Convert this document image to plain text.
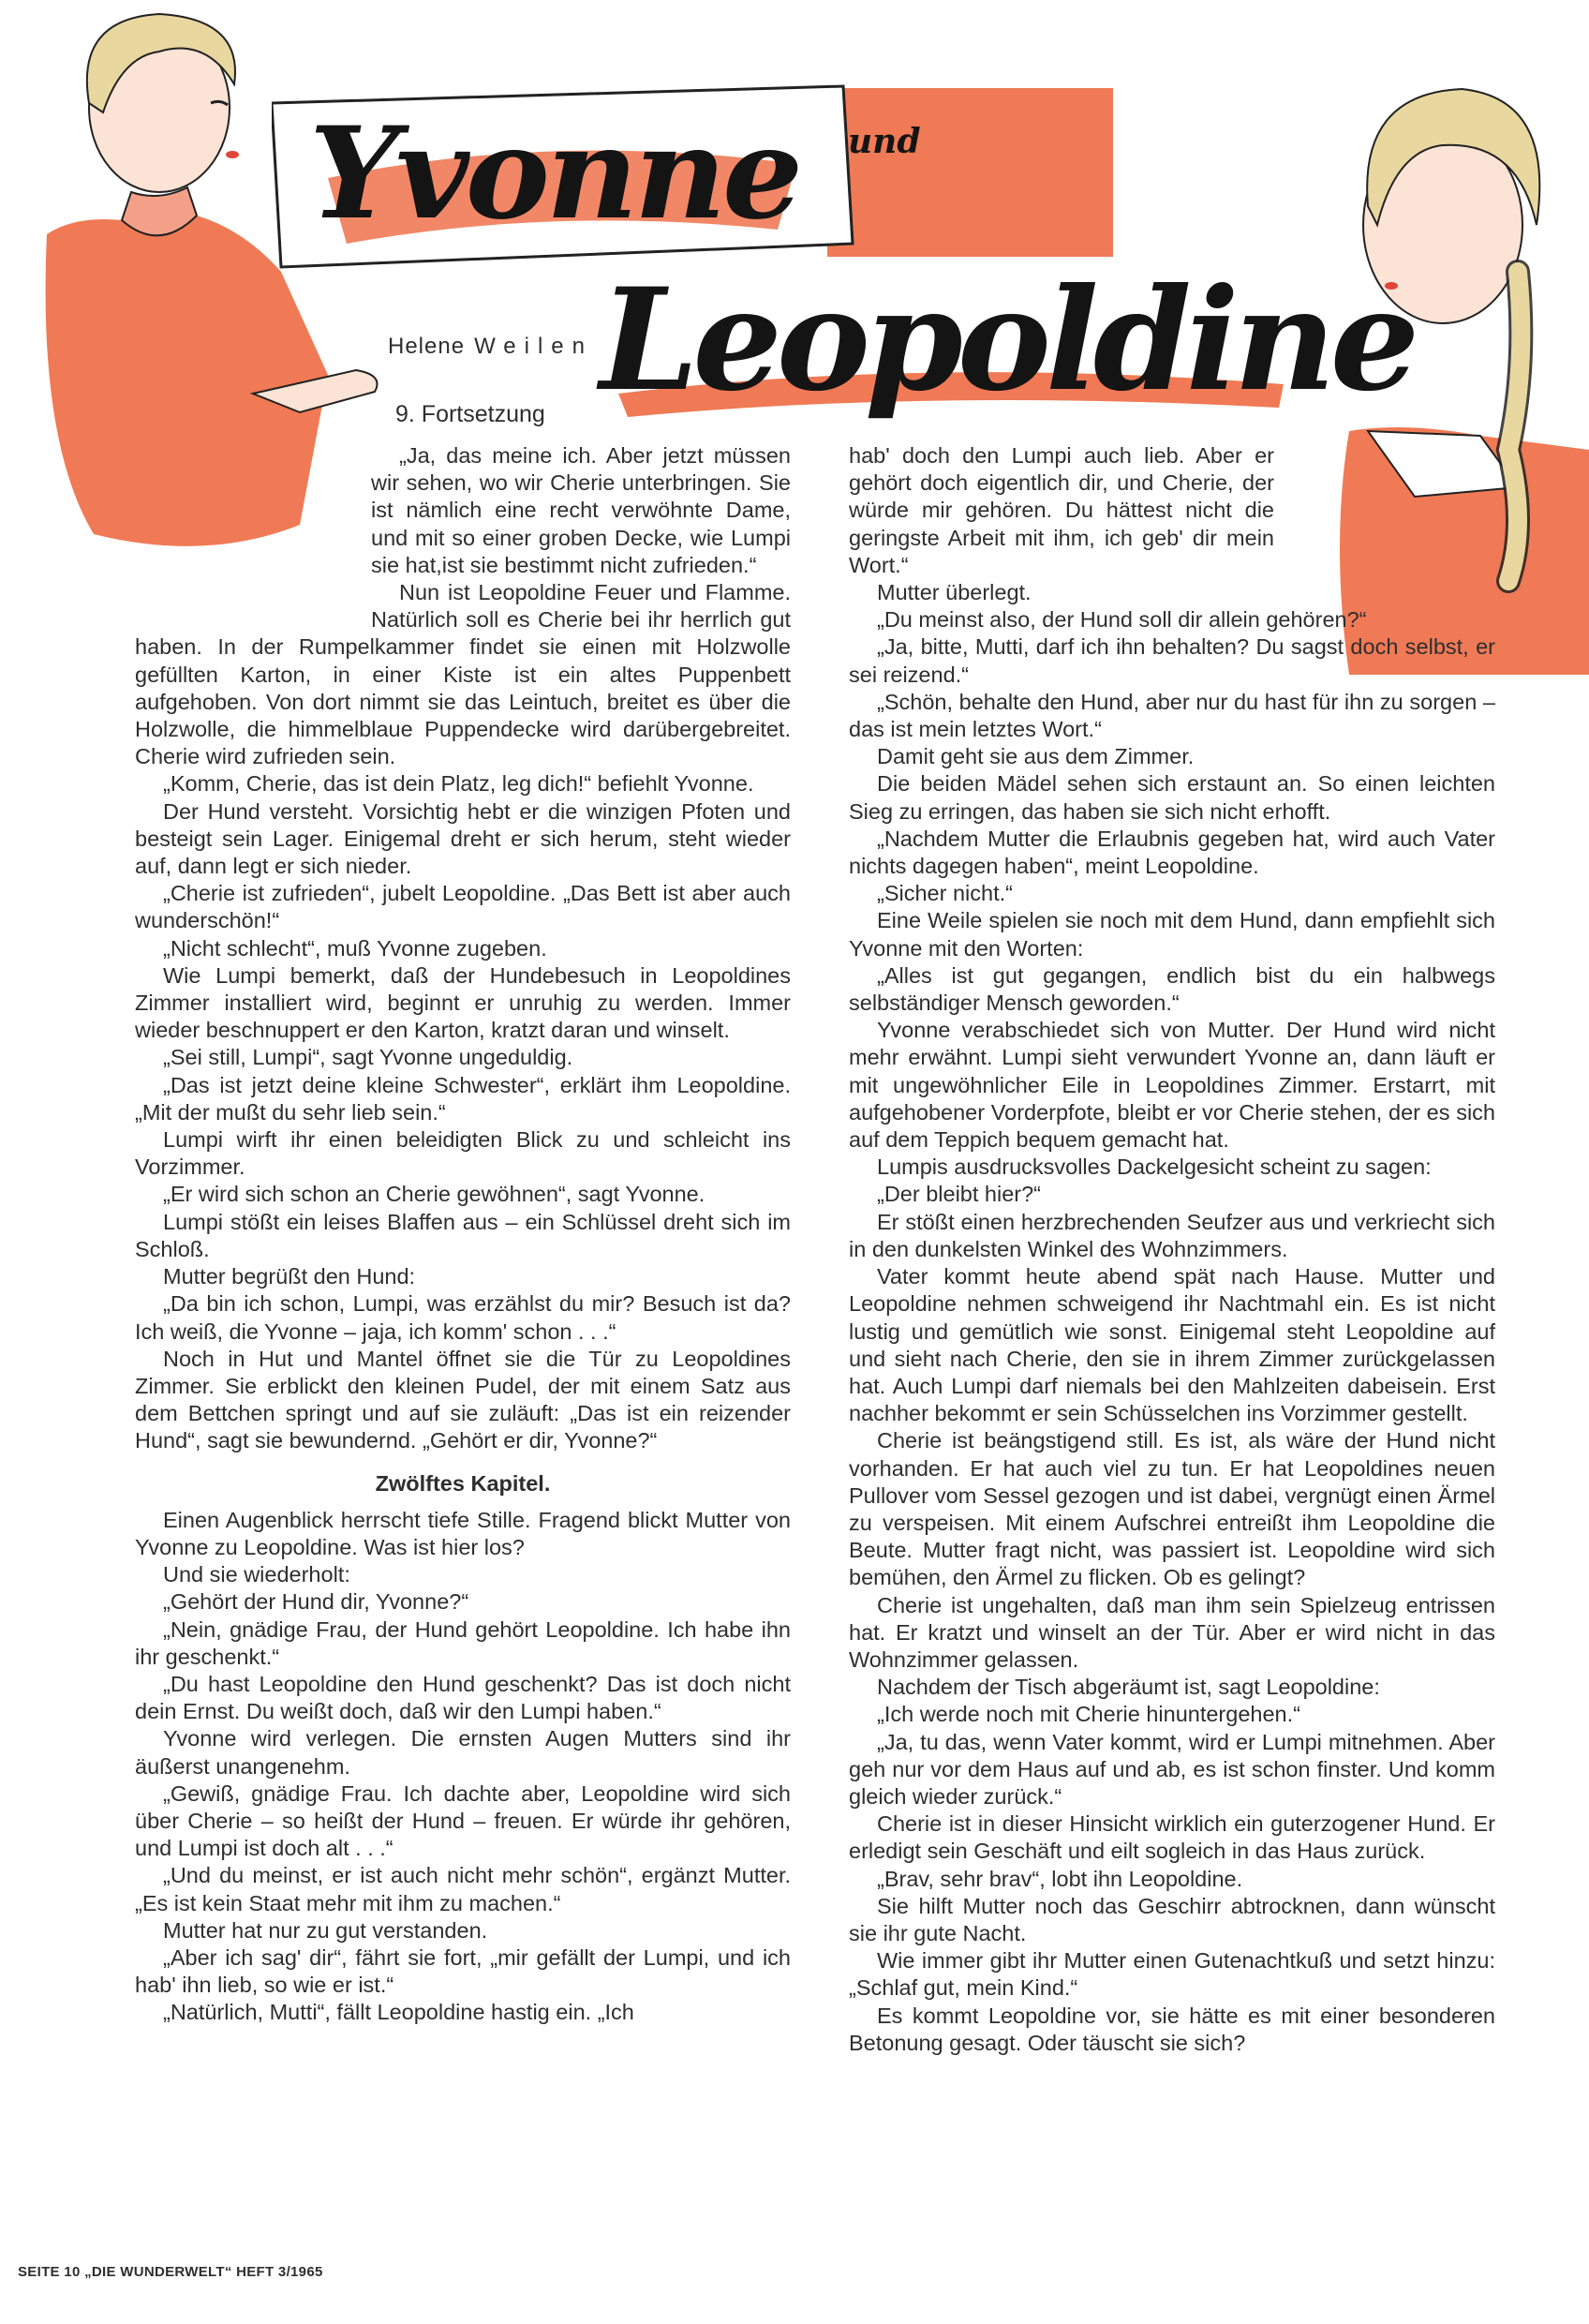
Yvonne und
Leopoldine
Helene Weilen
9. Fortsetzung

„Ja, das meine ich. Aber jetzt müssen wir sehen, wo wir Cherie unterbringen. Sie ist nämlich eine recht verwöhnte Dame, und mit so einer groben Decke, wie Lumpi sie hat,ist sie bestimmt nicht zufrieden.“

Nun ist Leopoldine Feuer und Flamme. Natürlich soll es Cherie bei ihr herrlich gut haben. In der Rumpelkammer findet sie einen mit Holzwolle gefüllten Karton, in einer Kiste ist ein altes Puppenbett aufgehoben. Von dort nimmt sie das Leintuch, breitet es über die Holzwolle, die himmelblaue Puppendecke wird darübergebreitet. Cherie wird zufrieden sein.

„Komm, Cherie, das ist dein Platz, leg dich!“ befiehlt Yvonne.

Der Hund versteht. Vorsichtig hebt er die winzigen Pfoten und besteigt sein Lager. Einigemal dreht er sich herum, steht wieder auf, dann legt er sich nieder.

„Cherie ist zufrieden“, jubelt Leopoldine. „Das Bett ist aber auch wunderschön!“

„Nicht schlecht“, muß Yvonne zugeben.

Wie Lumpi bemerkt, daß der Hundebesuch in Leopoldines Zimmer installiert wird, beginnt er unruhig zu werden. Immer wieder beschnuppert er den Karton, kratzt daran und winselt.

„Sei still, Lumpi“, sagt Yvonne ungeduldig.

„Das ist jetzt deine kleine Schwester“, erklärt ihm Leopoldine. „Mit der mußt du sehr lieb sein.“

Lumpi wirft ihr einen beleidigten Blick zu und schleicht ins Vorzimmer.

„Er wird sich schon an Cherie gewöhnen“, sagt Yvonne.

Lumpi stößt ein leises Blaffen aus – ein Schlüssel dreht sich im Schloß.

Mutter begrüßt den Hund:

„Da bin ich schon, Lumpi, was erzählst du mir? Besuch ist da? Ich weiß, die Yvonne – jaja, ich komm' schon . . .“

Noch in Hut und Mantel öffnet sie die Tür zu Leopoldines Zimmer. Sie erblickt den kleinen Pudel, der mit einem Satz aus dem Bettchen springt und auf sie zuläuft: „Das ist ein reizender Hund“, sagt sie bewundernd. „Gehört er dir, Yvonne?“

Zwölftes Kapitel.

Einen Augenblick herrscht tiefe Stille. Fragend blickt Mutter von Yvonne zu Leopoldine. Was ist hier los?

Und sie wiederholt:

„Gehört der Hund dir, Yvonne?“

„Nein, gnädige Frau, der Hund gehört Leopoldine. Ich habe ihn ihr geschenkt.“

„Du hast Leopoldine den Hund geschenkt? Das ist doch nicht dein Ernst. Du weißt doch, daß wir den Lumpi haben.“

Yvonne wird verlegen. Die ernsten Augen Mutters sind ihr äußerst unangenehm.

„Gewiß, gnädige Frau. Ich dachte aber, Leopoldine wird sich über Cherie – so heißt der Hund – freuen. Er würde ihr gehören, und Lumpi ist doch alt . . .“

„Und du meinst, er ist auch nicht mehr schön“, ergänzt Mutter. „Es ist kein Staat mehr mit ihm zu machen.“

Mutter hat nur zu gut verstanden.

„Aber ich sag' dir“, fährt sie fort, „mir gefällt der Lumpi, und ich hab' ihn lieb, so wie er ist.“

„Natürlich, Mutti“, fällt Leopoldine hastig ein. „Ich

hab' doch den Lumpi auch lieb. Aber er gehört doch eigentlich dir, und Cherie, der würde mir gehören. Du hättest nicht die geringste Arbeit mit ihm, ich geb' dir mein Wort.“

Mutter überlegt.

„Du meinst also, der Hund soll dir allein gehören?“

„Ja, bitte, Mutti, darf ich ihn behalten? Du sagst doch selbst, er sei reizend.“

„Schön, behalte den Hund, aber nur du hast für ihn zu sorgen – das ist mein letztes Wort.“

Damit geht sie aus dem Zimmer.

Die beiden Mädel sehen sich erstaunt an. So einen leichten Sieg zu erringen, das haben sie sich nicht erhofft.

„Nachdem Mutter die Erlaubnis gegeben hat, wird auch Vater nichts dagegen haben“, meint Leopoldine.

„Sicher nicht.“

Eine Weile spielen sie noch mit dem Hund, dann empfiehlt sich Yvonne mit den Worten:

„Alles ist gut gegangen, endlich bist du ein halbwegs selbständiger Mensch geworden.“

Yvonne verabschiedet sich von Mutter. Der Hund wird nicht mehr erwähnt. Lumpi sieht verwundert Yvonne an, dann läuft er mit ungewöhnlicher Eile in Leopoldines Zimmer. Erstarrt, mit aufgehobener Vorderpfote, bleibt er vor Cherie stehen, der es sich auf dem Teppich bequem gemacht hat.

Lumpis ausdrucksvolles Dackelgesicht scheint zu sagen:

„Der bleibt hier?“

Er stößt einen herzbrechenden Seufzer aus und verkriecht sich in den dunkelsten Winkel des Wohnzimmers.

Vater kommt heute abend spät nach Hause. Mutter und Leopoldine nehmen schweigend ihr Nachtmahl ein. Es ist nicht lustig und gemütlich wie sonst. Einigemal steht Leopoldine auf und sieht nach Cherie, den sie in ihrem Zimmer zurückgelassen hat. Auch Lumpi darf niemals bei den Mahlzeiten dabeisein. Erst nachher bekommt er sein Schüsselchen ins Vorzimmer gestellt.

Cherie ist beängstigend still. Es ist, als wäre der Hund nicht vorhanden. Er hat auch viel zu tun. Er hat Leopoldines neuen Pullover vom Sessel gezogen und ist dabei, vergnügt einen Ärmel zu verspeisen. Mit einem Aufschrei entreißt ihm Leopoldine die Beute. Mutter fragt nicht, was passiert ist. Leopoldine wird sich bemühen, den Ärmel zu flicken. Ob es gelingt?

Cherie ist ungehalten, daß man ihm sein Spielzeug entrissen hat. Er kratzt und winselt an der Tür. Aber er wird nicht in das Wohnzimmer gelassen.

Nachdem der Tisch abgeräumt ist, sagt Leopoldine:

„Ich werde noch mit Cherie hinuntergehen.“

„Ja, tu das, wenn Vater kommt, wird er Lumpi mitnehmen. Aber geh nur vor dem Haus auf und ab, es ist schon finster. Und komm gleich wieder zurück.“

Cherie ist in dieser Hinsicht wirklich ein guterzogener Hund. Er erledigt sein Geschäft und eilt sogleich in das Haus zurück.

„Brav, sehr brav“, lobt ihn Leopoldine.

Sie hilft Mutter noch das Geschirr abtrocknen, dann wünscht sie ihr gute Nacht.

Wie immer gibt ihr Mutter einen Gutenachtkuß und setzt hinzu: „Schlaf gut, mein Kind.“

Es kommt Leopoldine vor, sie hätte es mit einer besonderen Betonung gesagt. Oder täuscht sie sich?

SEITE 10 „DIE WUNDERWELT“ HEFT 3/1965
